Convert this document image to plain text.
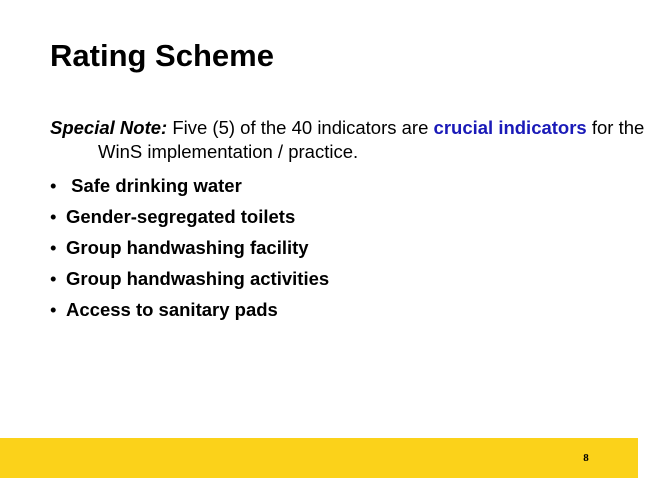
Rating Scheme
Special Note: Five (5) of the 40 indicators are crucial indicators for the WinS implementation / practice.
• Safe drinking water
• Gender-segregated toilets
• Group handwashing facility
• Group handwashing activities
• Access to sanitary pads
8
